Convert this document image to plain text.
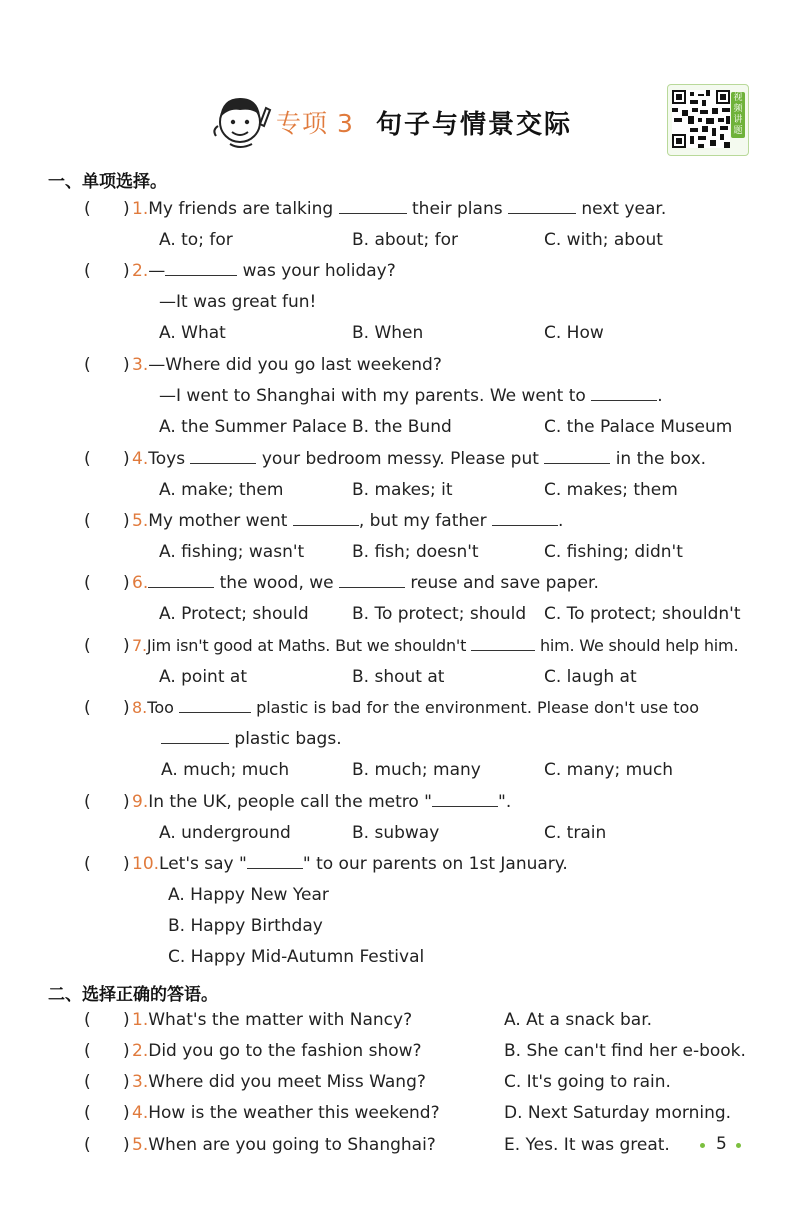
专项 3 句子与情景交际
视频讲题
一、单项选择。
(      ) 1.My friends are talking	their plans	next year.
A. to; for	B. about; for	C. with; about
(      ) 2.—	was your holiday?
—It was great fun!
A. What	B. When	C. How
(      ) 3.—Where did you go last weekend?
—I went to Shanghai with my parents. We went to	.
A. the Summer Palace B. the Bund	C. the Palace Museum
(      ) 4.Toys	your bedroom messy. Please put	in the box.
A. make; them	B. makes; it	C. makes; them
(      ) 5.My mother went	, but my father	.
A. fishing; wasn't	B. fish; doesn't	C. fishing; didn't
(      ) 6.	the wood, we	reuse and save paper.
A. Protect; should	B. To protect; should C. To protect; shouldn't
(      ) 7.Jim isn't good at Maths. But we shouldn't	him. We should help him.
A. point at	B. shout at	C. laugh at
(      ) 8.Too	plastic is bad for the environment. Please don't use too
plastic bags.
A. much; much	B. much; many	C. many; much
(      ) 9.In the UK, people call the metro "	".
A. underground	B. subway	C. train
(      ) 10.Let's say "	" to our parents on 1st January.
A. Happy New Year
B. Happy Birthday
C. Happy Mid-Autumn Festival
二、选择正确的答语。
(      ) 1.What's the matter with Nancy?	A. At a snack bar.
(      ) 2.Did you go to the fashion show?	B. She can't find her e-book.
(      ) 3.Where did you meet Miss Wang?	C. It's going to rain.
(      ) 4.How is the weather this weekend?	D. Next Saturday morning.
(      ) 5.When are you going to Shanghai?	E. Yes. It was great.	5
